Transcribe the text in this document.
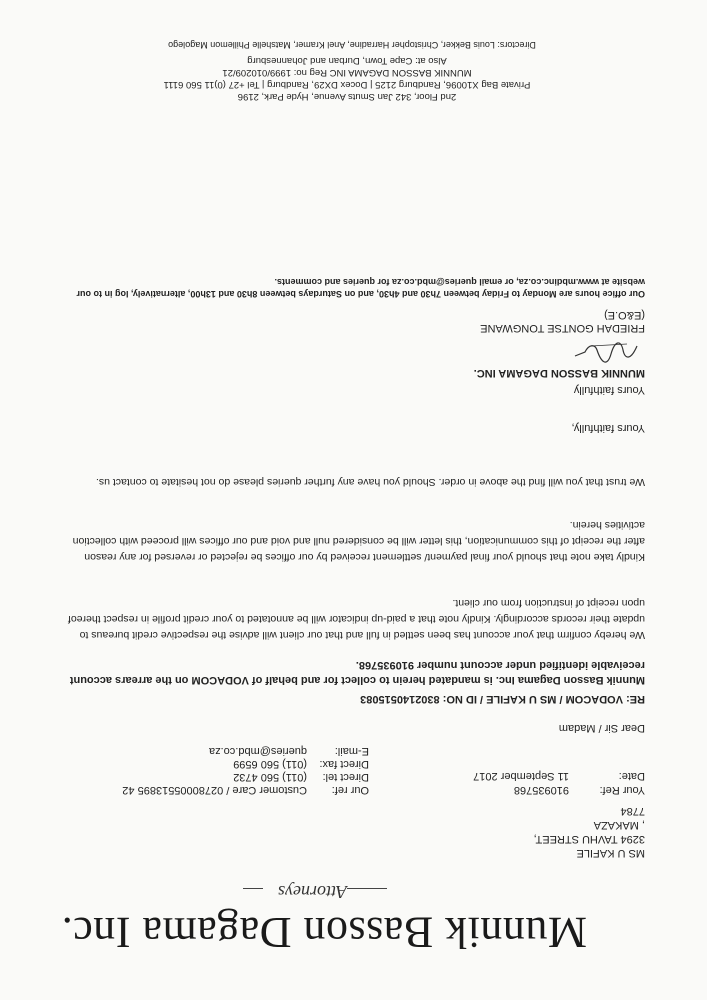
Munnik Basson Dagama Inc.
Attorneys
MS U KAFILE
3294 TAVHU STREET,
, MAKAZA
7784
Your Ref:
910935768
Date:
11 September 2017
Our ref:
Customer Care / 02780005513895 42
Direct tel:
(011) 560 4732
Direct fax:
(011) 560 6599
E-mail:
queries@mbd.co.za
Dear Sir / Madam
RE: VODACOM / MS U KAFILE / ID NO: 8302140515083
Munnik Basson Dagama Inc. is mandated herein to collect for and behalf of VODACOM on the arrears account receivable identified under account number 910935768.
We hereby confirm that your account has been settled in full and that our client will advise the respective credit bureaus to update their records accordingly. Kindly note that a paid-up indicator will be annotated to your credit profile in respect thereof upon receipt of instruction from our client.
Kindly take note that should your final payment/ settlement received by our offices be rejected or reversed for any reason after the receipt of this communication, this letter will be considered null and void and our offices will proceed with collection activities herein.
We trust that you will find the above in order. Should you have any further queries please do not hesitate to contact us.
Yours faithfully,
Yours faithfully
MUNNIK BASSON DAGAMA INC.
FRIEDAH GONTSE TONGWANE
(E&O.E)
Our office hours are Monday to Friday between 7h30 and 4h30, and on Saturdays between 8h30 and 13h00, alternatively, log in to our website at www.mbdinc.co.za, or email queries@mbd.co.za for queries and comments.
2nd Floor, 342 Jan Smuts Avenue, Hyde Park, 2196
Private Bag X10096, Randburg 2125 | Docex DX29, Randburg | Tel +27 (0)11 560 6111
MUNNIK BASSON DAGAMA INC Reg no: 1999/010209/21
Also at: Cape Town, Durban and Johannesburg
Directors: Louis Bekker, Christopher Harradine, Anel Kramer, Matshelle Phillemon Magolego
